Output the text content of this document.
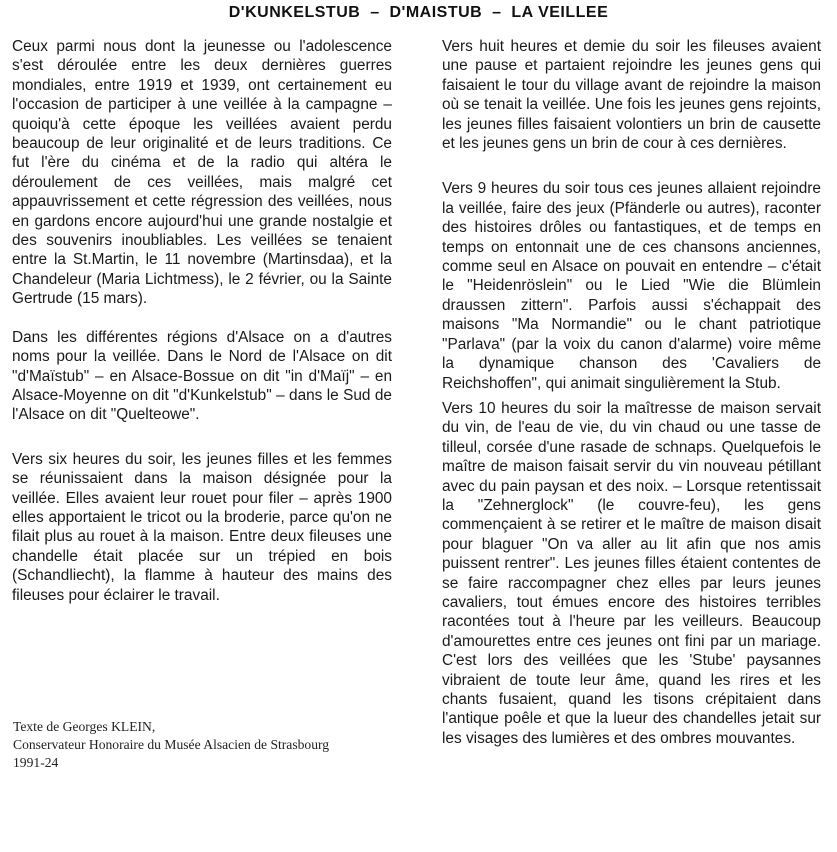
D'KUNKELSTUB  –  D'MAISTUB  –  LA VEILLEE

Ceux parmi nous dont la jeunesse ou l'adolescence s'est déroulée entre les deux dernières guerres mondiales, entre 1919 et 1939, ont certainement eu l'occasion de participer à une veillée à la campagne – quoiqu'à cette époque les veillées avaient perdu beaucoup de leur originalité et de leurs traditions. Ce fut l'ère du cinéma et de la radio qui altéra le déroulement de ces veillées, mais malgré cet appauvrissement et cette régression des veillées, nous en gardons encore aujourd'hui une grande nostalgie et des souvenirs inoubliables. Les veillées se tenaient entre la St.Martin, le 11 novembre (Martinsdaa), et la Chandeleur (Maria Lichtmess), le 2 février, ou la Sainte Gertrude (15 mars).

Dans les différentes régions d'Alsace on a d'autres noms pour la veillée. Dans le Nord de l'Alsace on dit "d'Maïstub" – en Alsace-Bossue on dit "in d'Maïj" – en Alsace-Moyenne on dit "d'Kunkelstub" – dans le Sud de l'Alsace on dit "Quelteowe".

Vers six heures du soir, les jeunes filles et les femmes se réunissaient dans la maison désignée pour la veillée. Elles avaient leur rouet pour filer – après 1900 elles apportaient le tricot ou la broderie, parce qu'on ne filait plus au rouet à la maison. Entre deux fileuses une chandelle était placée sur un trépied en bois (Schandliecht), la flamme à hauteur des mains des fileuses pour éclairer le travail.

Vers huit heures et demie du soir les fileuses avaient une pause et partaient rejoindre les jeunes gens qui faisaient le tour du village avant de rejoindre la maison où se tenait la veillée. Une fois les jeunes gens rejoints, les jeunes filles faisaient volontiers un brin de causette et les jeunes gens un brin de cour à ces dernières.

Vers 9 heures du soir tous ces jeunes allaient rejoindre la veillée, faire des jeux (Pfänderle ou autres), raconter des histoires drôles ou fantastiques, et de temps en temps on entonnait une de ces chansons anciennes, comme seul en Alsace on pouvait en entendre – c'était le "Heidenröslein" ou le Lied "Wie die Blümlein draussen zittern". Parfois aussi s'échappait des maisons "Ma Normandie" ou le chant patriotique "Parlava" (par la voix du canon d'alarme) voire même la dynamique chanson des 'Cavaliers de Reichshoffen", qui animait singulièrement la Stub.

Vers 10 heures du soir la maîtresse de maison servait du vin, de l'eau de vie, du vin chaud ou une tasse de tilleul, corsée d'une rasade de schnaps. Quelquefois le maître de maison faisait servir du vin nouveau pétillant avec du pain paysan et des noix. – Lorsque retentissait la "Zehnerglock" (le couvre-feu), les gens commençaient à se retirer et le maître de maison disait pour blaguer "On va aller au lit afin que nos amis puissent rentrer". Les jeunes filles étaient contentes de se faire raccompagner chez elles par leurs jeunes cavaliers, tout émues encore des histoires terribles racontées tout à l'heure par les veilleurs. Beaucoup d'amourettes entre ces jeunes ont fini par un mariage. C'est lors des veillées que les 'Stube' paysannes vibraient de toute leur âme, quand les rires et les chants fusaient, quand les tisons crépitaient dans l'antique poêle et que la lueur des chandelles jetait sur les visages des lumières et des ombres mouvantes.

Texte de Georges KLEIN,
Conservateur Honoraire du Musée Alsacien de Strasbourg
1991-24
